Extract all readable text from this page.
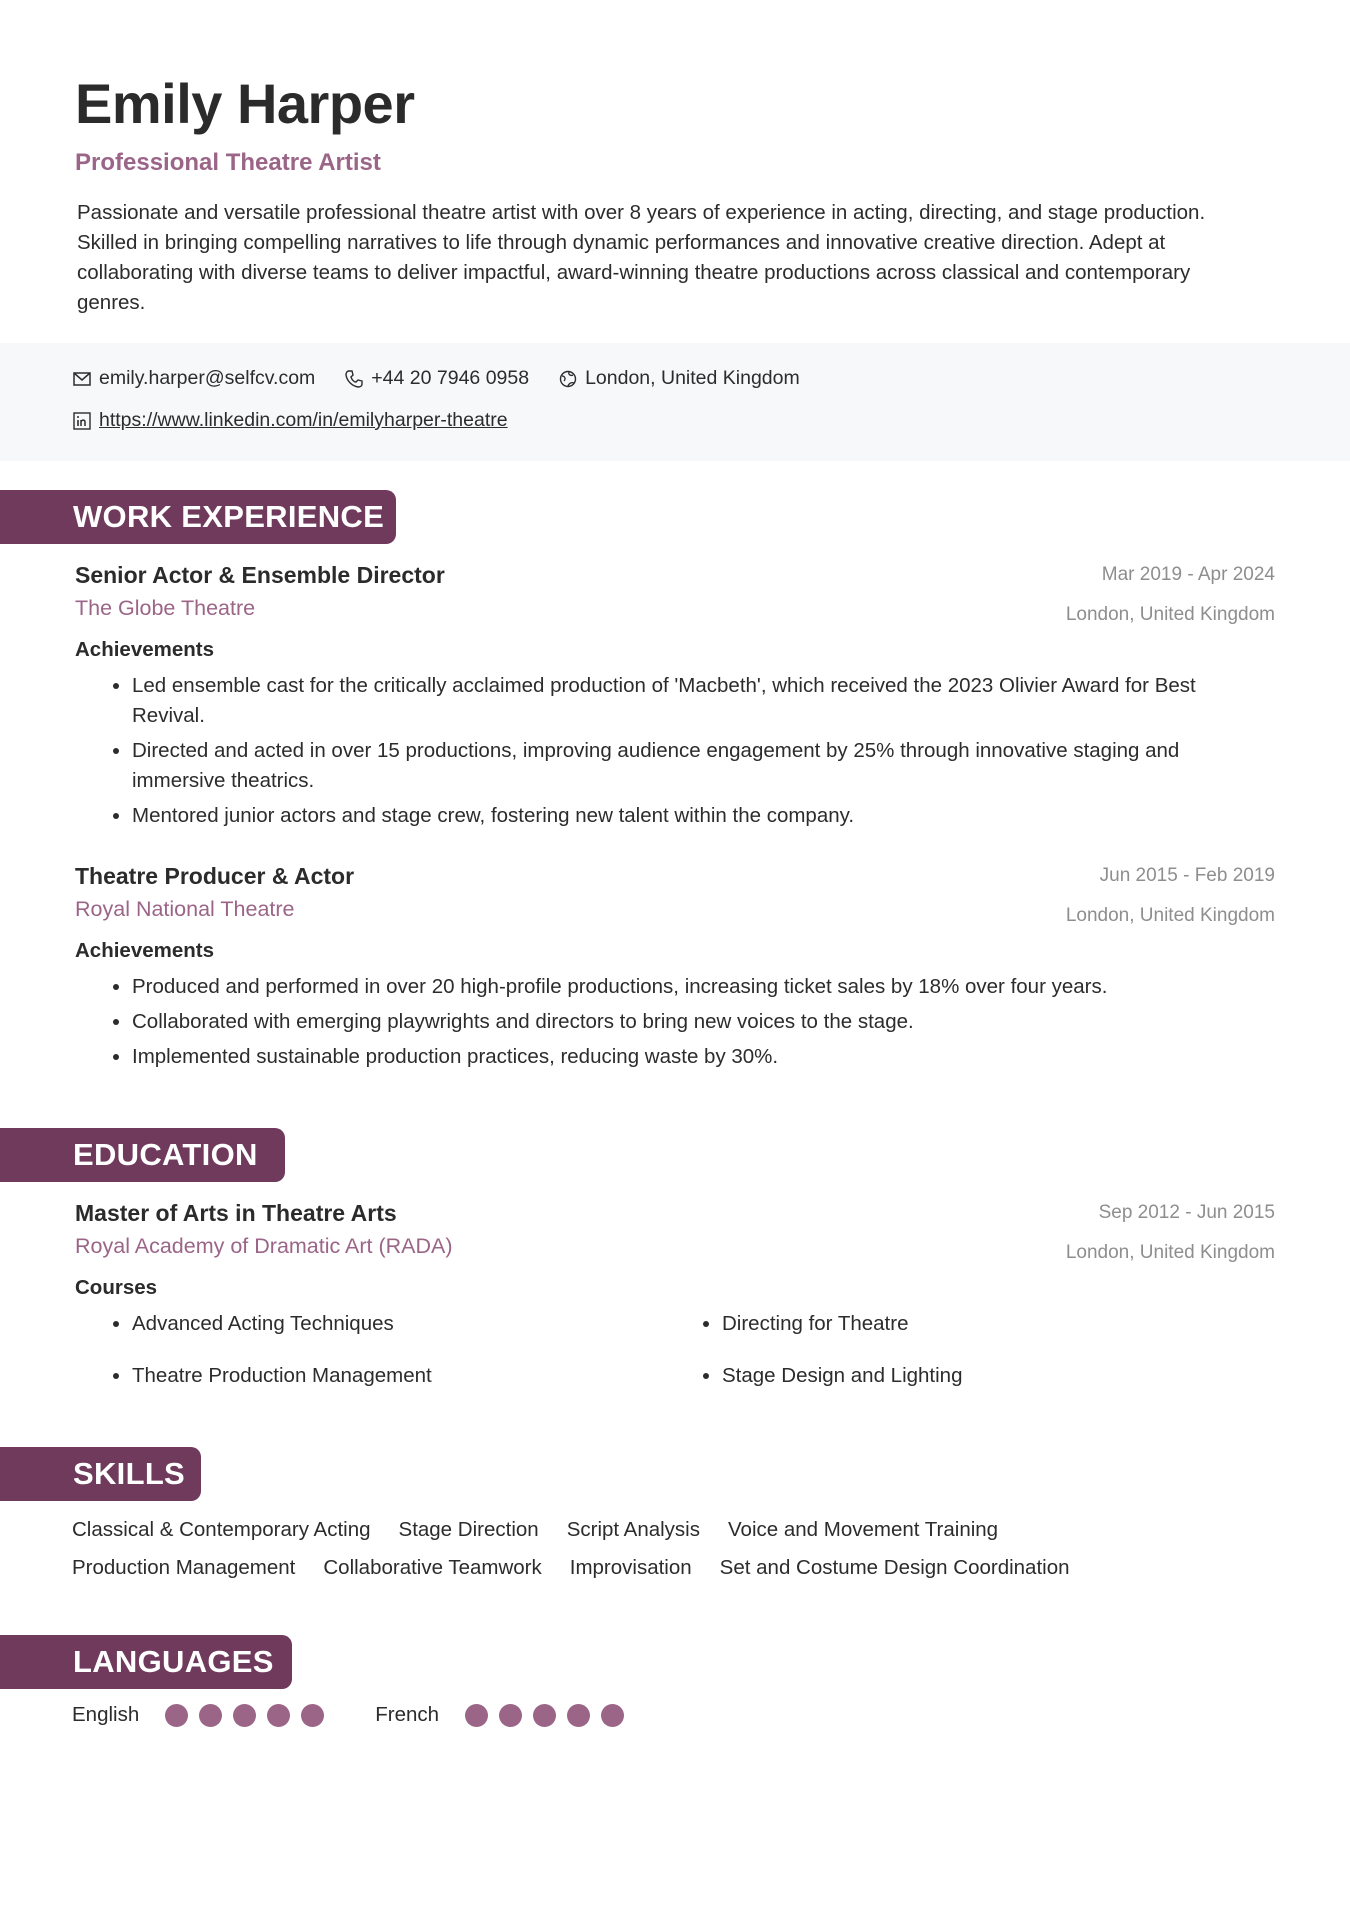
Emily Harper
Professional Theatre Artist
Passionate and versatile professional theatre artist with over 8 years of experience in acting, directing, and stage production. Skilled in bringing compelling narratives to life through dynamic performances and innovative creative direction. Adept at collaborating with diverse teams to deliver impactful, award-winning theatre productions across classical and contemporary genres.
emily.harper@selfcv.com	+44 20 7946 0958	London, United Kingdom
https://www.linkedin.com/in/emilyharper-theatre
WORK EXPERIENCE
Senior Actor & Ensemble Director
The Globe Theatre
Mar 2019 - Apr 2024
London, United Kingdom
Achievements
• Led ensemble cast for the critically acclaimed production of 'Macbeth', which received the 2023 Olivier Award for Best Revival.
• Directed and acted in over 15 productions, improving audience engagement by 25% through innovative staging and immersive theatrics.
• Mentored junior actors and stage crew, fostering new talent within the company.
Theatre Producer & Actor
Royal National Theatre
Jun 2015 - Feb 2019
London, United Kingdom
Achievements
• Produced and performed in over 20 high-profile productions, increasing ticket sales by 18% over four years.
• Collaborated with emerging playwrights and directors to bring new voices to the stage.
• Implemented sustainable production practices, reducing waste by 30%.
EDUCATION
Master of Arts in Theatre Arts
Royal Academy of Dramatic Art (RADA)
Sep 2012 - Jun 2015
London, United Kingdom
Courses
• Advanced Acting Techniques	• Directing for Theatre
• Theatre Production Management	• Stage Design and Lighting
SKILLS
Classical & Contemporary Acting Stage Direction Script Analysis Voice and Movement Training
Production Management Collaborative Teamwork Improvisation Set and Costume Design Coordination
LANGUAGES
English	French
